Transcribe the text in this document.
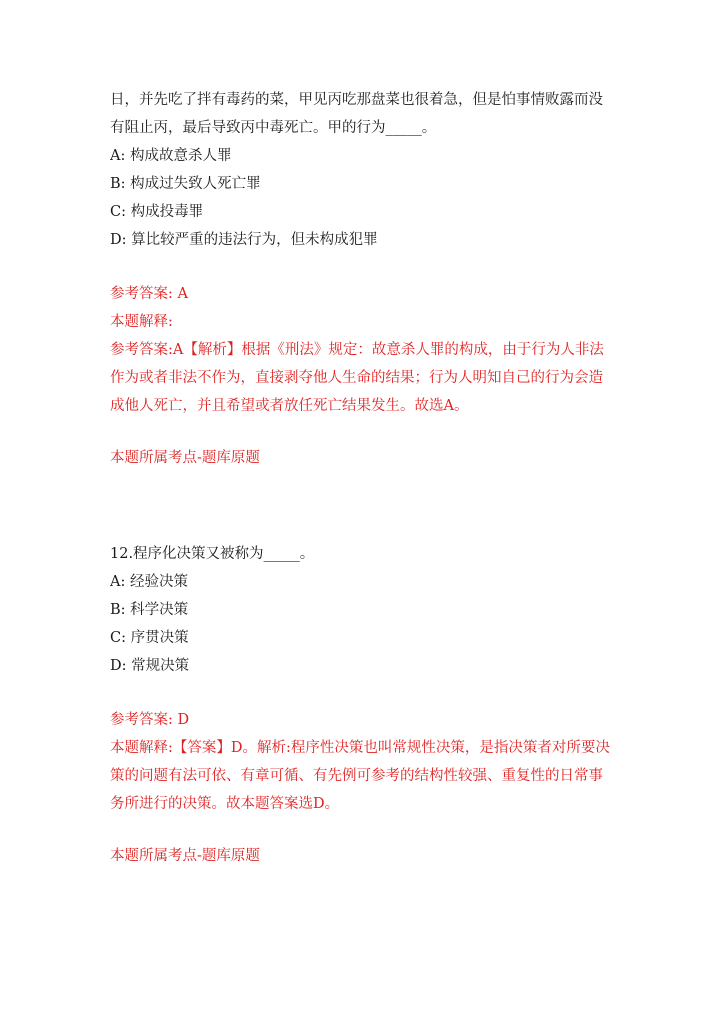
日，并先吃了拌有毒药的菜，甲见丙吃那盘菜也很着急，但是怕事情败露而没
有阻止丙，最后导致丙中毒死亡。甲的行为_____。
A: 构成故意杀人罪
B: 构成过失致人死亡罪
C: 构成投毒罪
D: 算比较严重的违法行为，但未构成犯罪
参考答案: A
本题解释:
参考答案:A【解析】根据《刑法》规定：故意杀人罪的构成，由于行为人非法
作为或者非法不作为，直接剥夺他人生命的结果；行为人明知自己的行为会造
成他人死亡，并且希望或者放任死亡结果发生。故选A。
本题所属考点-题库原题
12.程序化决策又被称为_____。
A: 经验决策
B: 科学决策
C: 序贯决策
D: 常规决策
参考答案: D
本题解释:【答案】D。解析:程序性决策也叫常规性决策，是指决策者对所要决
策的问题有法可依、有章可循、有先例可参考的结构性较强、重复性的日常事
务所进行的决策。故本题答案选D。
本题所属考点-题库原题
